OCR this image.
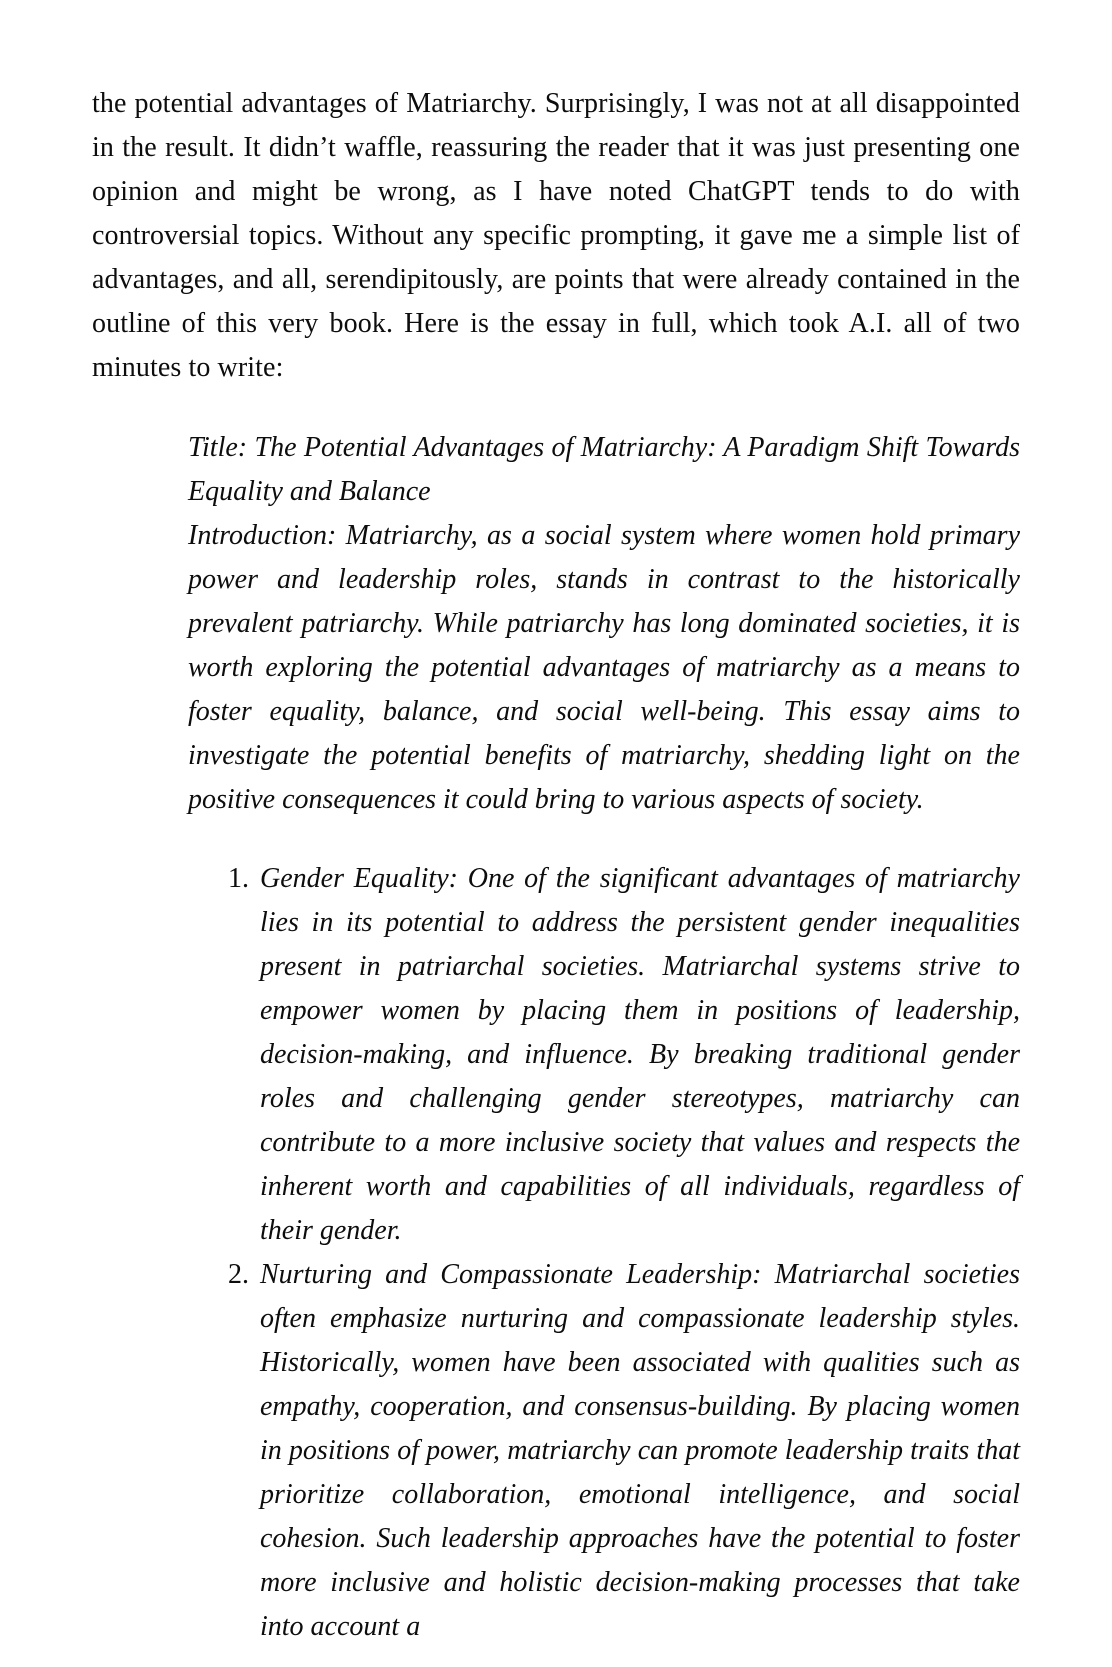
the potential advantages of Matriarchy. Surprisingly, I was not at all disappointed in the result. It didn’t waffle, reassuring the reader that it was just presenting one opinion and might be wrong, as I have noted ChatGPT tends to do with controversial topics. Without any specific prompting, it gave me a simple list of advantages, and all, serendipitously, are points that were already contained in the outline of this very book. Here is the essay in full, which took A.I. all of two minutes to write:

Title: The Potential Advantages of Matriarchy: A Paradigm Shift Towards Equality and Balance

Introduction: Matriarchy, as a social system where women hold primary power and leadership roles, stands in contrast to the historically prevalent patriarchy. While patriarchy has long dominated societies, it is worth exploring the potential advantages of matriarchy as a means to foster equality, balance, and social well-being. This essay aims to investigate the potential benefits of matriarchy, shedding light on the positive consequences it could bring to various aspects of society.

1. Gender Equality: One of the significant advantages of matriarchy lies in its potential to address the persistent gender inequalities present in patriarchal societies. Matriarchal systems strive to empower women by placing them in positions of leadership, decision-making, and influence. By breaking traditional gender roles and challenging gender stereotypes, matriarchy can contribute to a more inclusive society that values and respects the inherent worth and capabilities of all individuals, regardless of their gender.
2. Nurturing and Compassionate Leadership: Matriarchal societies often emphasize nurturing and compassionate leadership styles. Historically, women have been associated with qualities such as empathy, cooperation, and consensus-building. By placing women in positions of power, matriarchy can promote leadership traits that prioritize collaboration, emotional intelligence, and social cohesion. Such leadership approaches have the potential to foster more inclusive and holistic decision-making processes that take into account a
